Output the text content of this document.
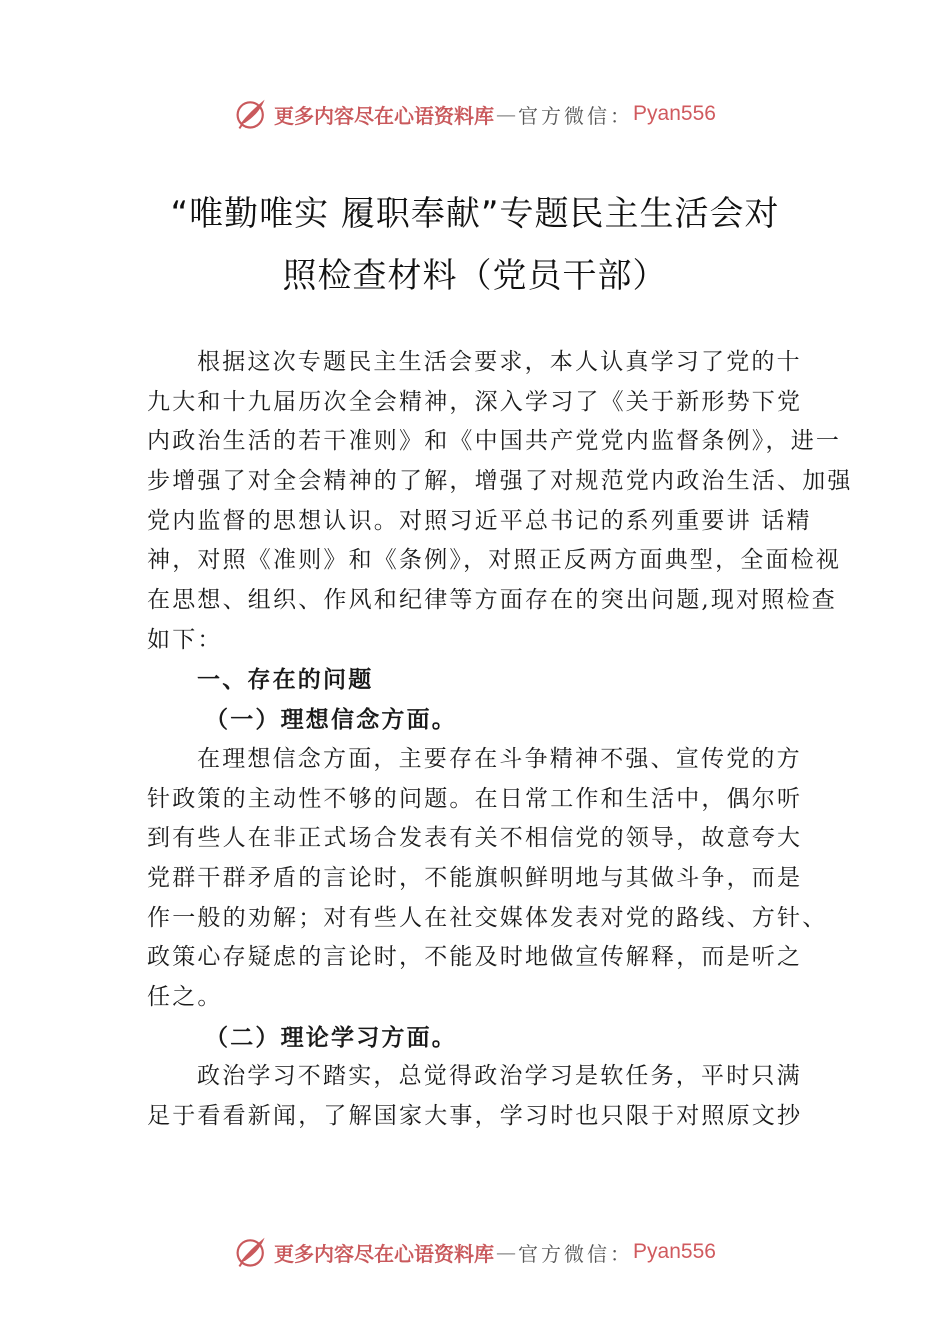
更多内容尽在心语资料库 — 官方微信： Pyan556
“唯勤唯实 履职奉献”专题民主生活会对
照检查材料（党员干部）
根据这次专题民主生活会要求，本人认真学习了党的十
九大和十九届历次全会精神，深入学习了《关于新形势下党
内政治生活的若干准则》和《中国共产党党内监督条例》，进一
步增强了对全会精神的了解，增强了对规范党内政治生活、加强
党内监督的思想认识。对照习近平总书记的系列重要讲 话精
神，对照《准则》和《条例》，对照正反两方面典型，全面检视
在思想、组织、作风和纪律等方面存在的突出问题,现对照检查
如下：
一、存在的问题
（一）理想信念方面。
在理想信念方面，主要存在斗争精神不强、宣传党的方
针政策的主动性不够的问题。在日常工作和生活中，偶尔听
到有些人在非正式场合发表有关不相信党的领导，故意夸大
党群干群矛盾的言论时，不能旗帜鲜明地与其做斗争，而是
作一般的劝解；对有些人在社交媒体发表对党的路线、方针、
政策心存疑虑的言论时，不能及时地做宣传解释，而是听之
任之。
（二）理论学习方面。
政治学习不踏实，总觉得政治学习是软任务，平时只满
足于看看新闻，了解国家大事，学习时也只限于对照原文抄
更多内容尽在心语资料库 — 官方微信： Pyan556
